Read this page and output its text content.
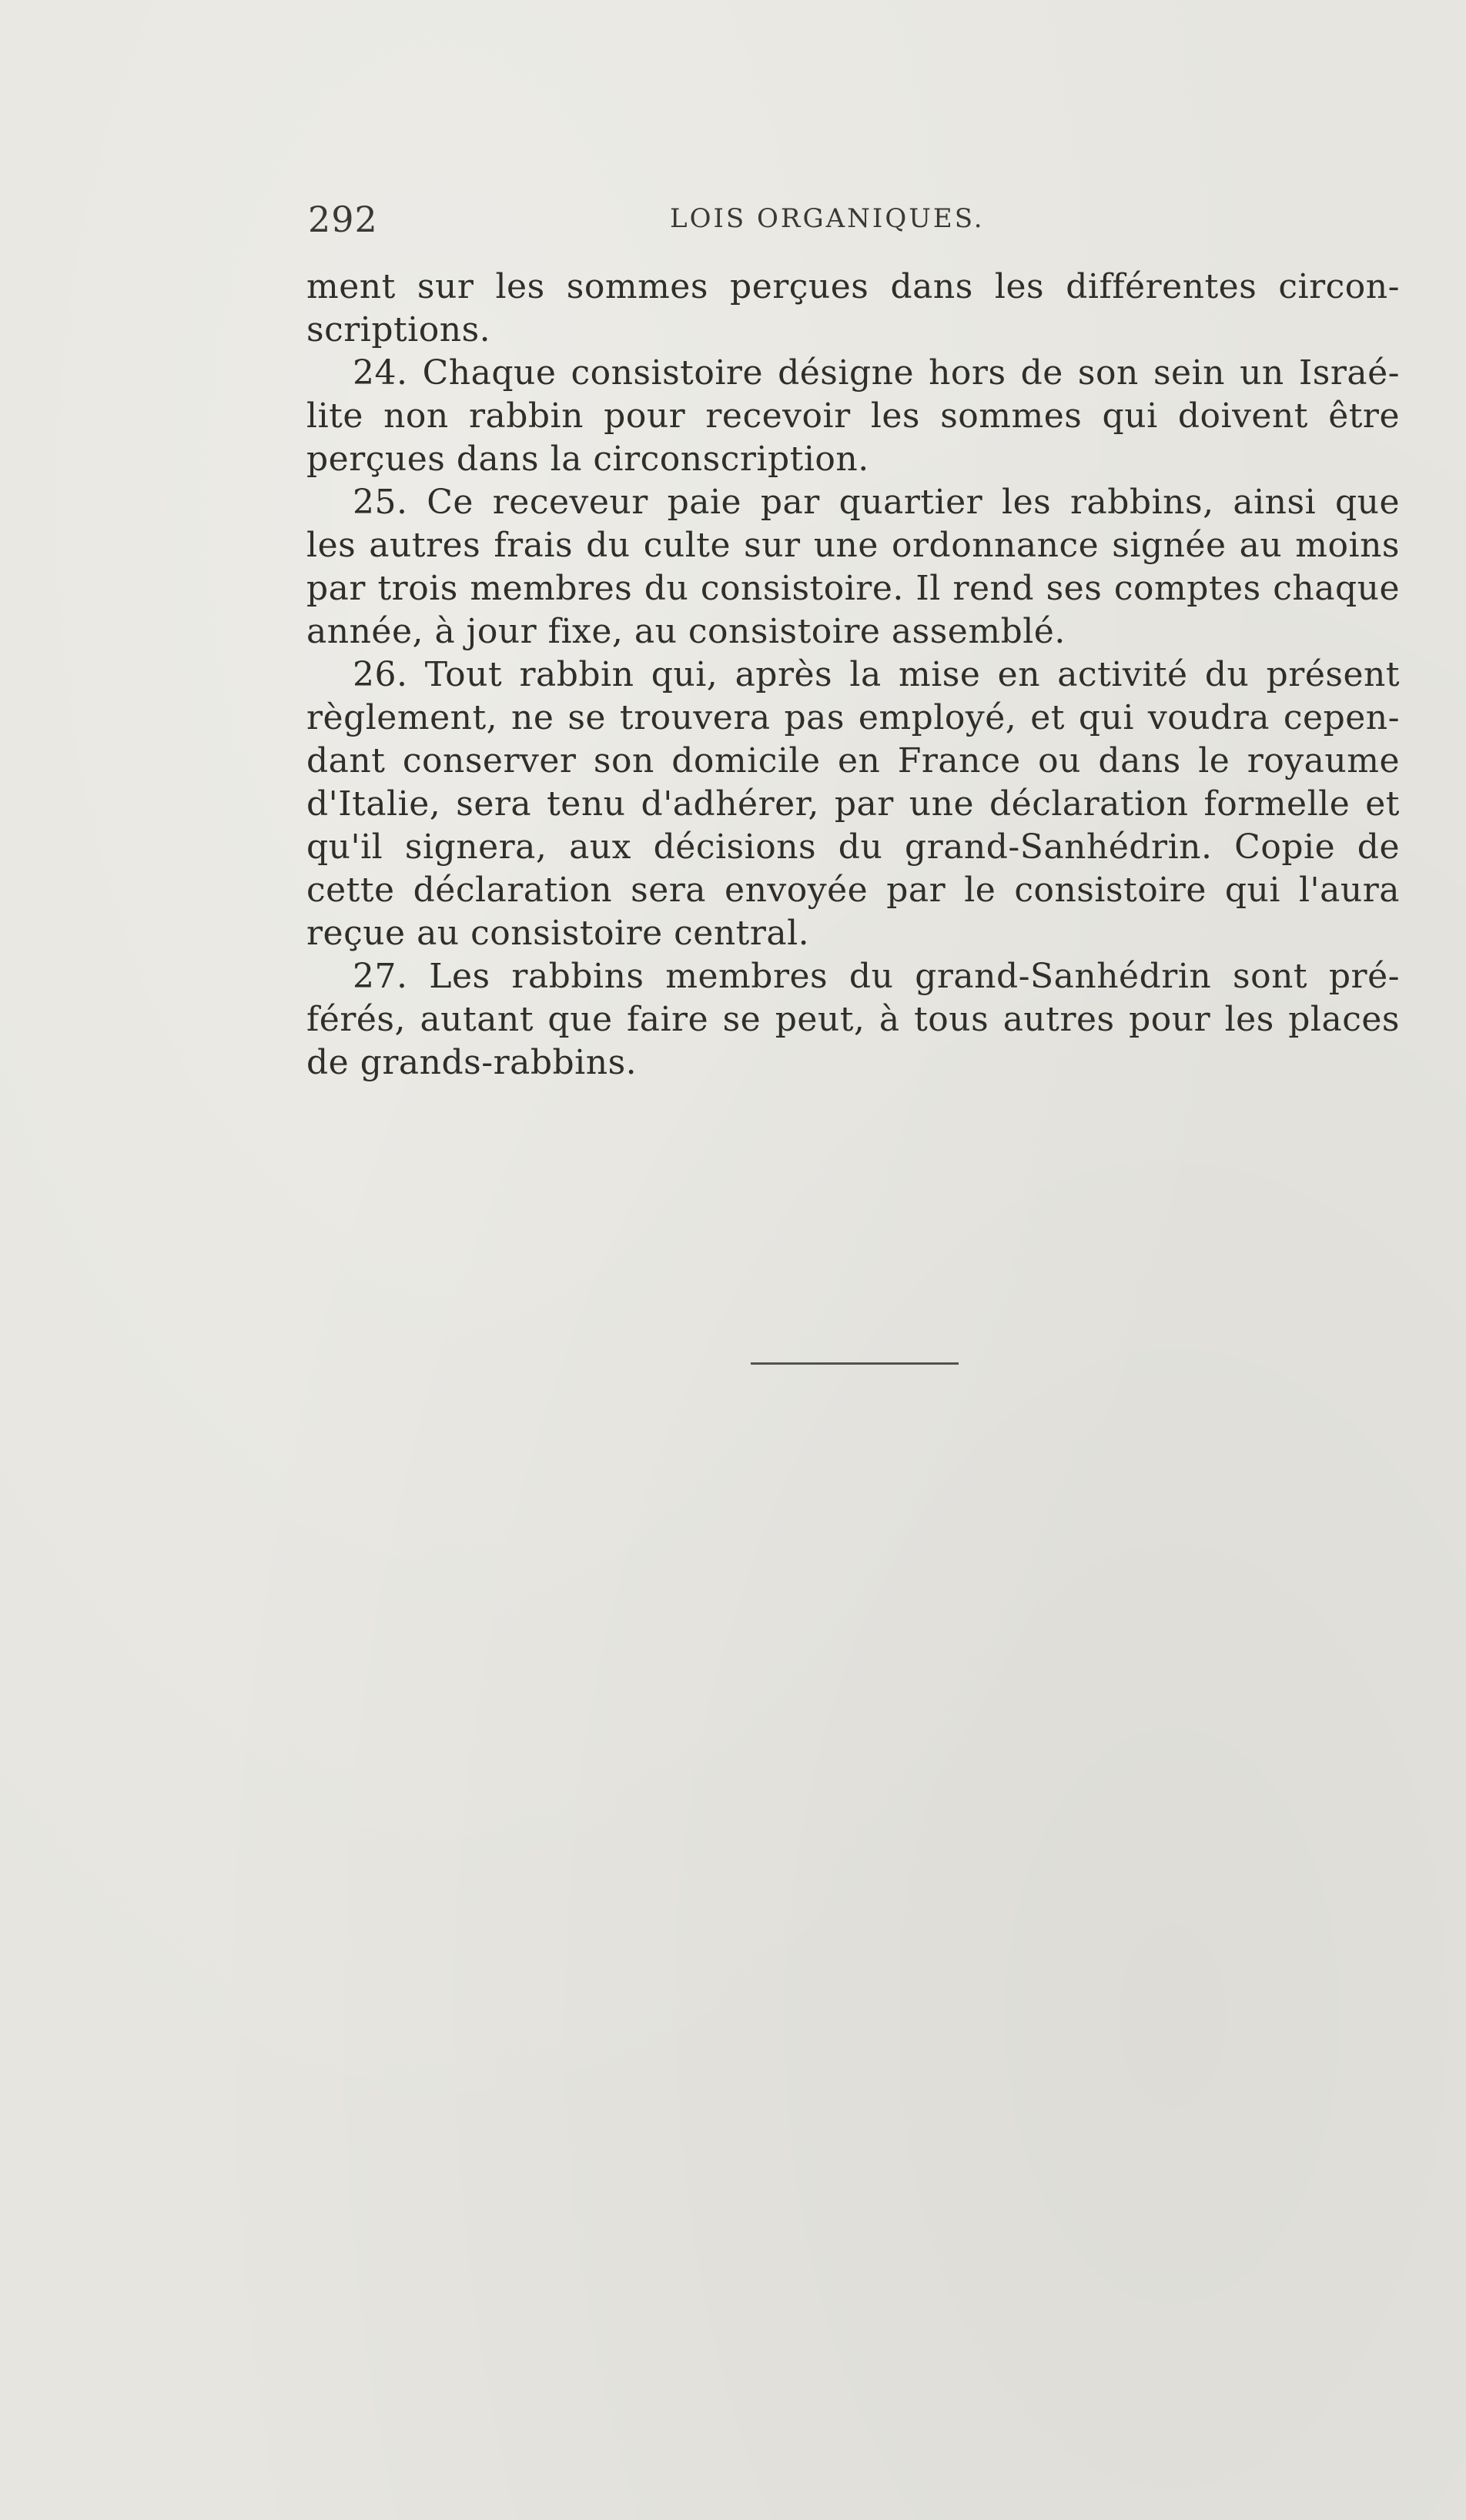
292	LOIS ORGANIQUES.
ment sur les sommes perçues dans les différentes circon-
scriptions.
24. Chaque consistoire désigne hors de son sein un Israé-
lite non rabbin pour recevoir les sommes qui doivent être
perçues dans la circonscription.
25. Ce receveur paie par quartier les rabbins, ainsi que
les autres frais du culte sur une ordonnance signée au moins
par trois membres du consistoire. Il rend ses comptes chaque
année, à jour fixe, au consistoire assemblé.
26. Tout rabbin qui, après la mise en activité du présent
règlement, ne se trouvera pas employé, et qui voudra cepen-
dant conserver son domicile en France ou dans le royaume
d'Italie, sera tenu d'adhérer, par une déclaration formelle et
qu'il signera, aux décisions du grand-Sanhédrin. Copie de
cette déclaration sera envoyée par le consistoire qui l'aura
reçue au consistoire central.
27. Les rabbins membres du grand-Sanhédrin sont pré-
férés, autant que faire se peut, à tous autres pour les places
de grands-rabbins.
